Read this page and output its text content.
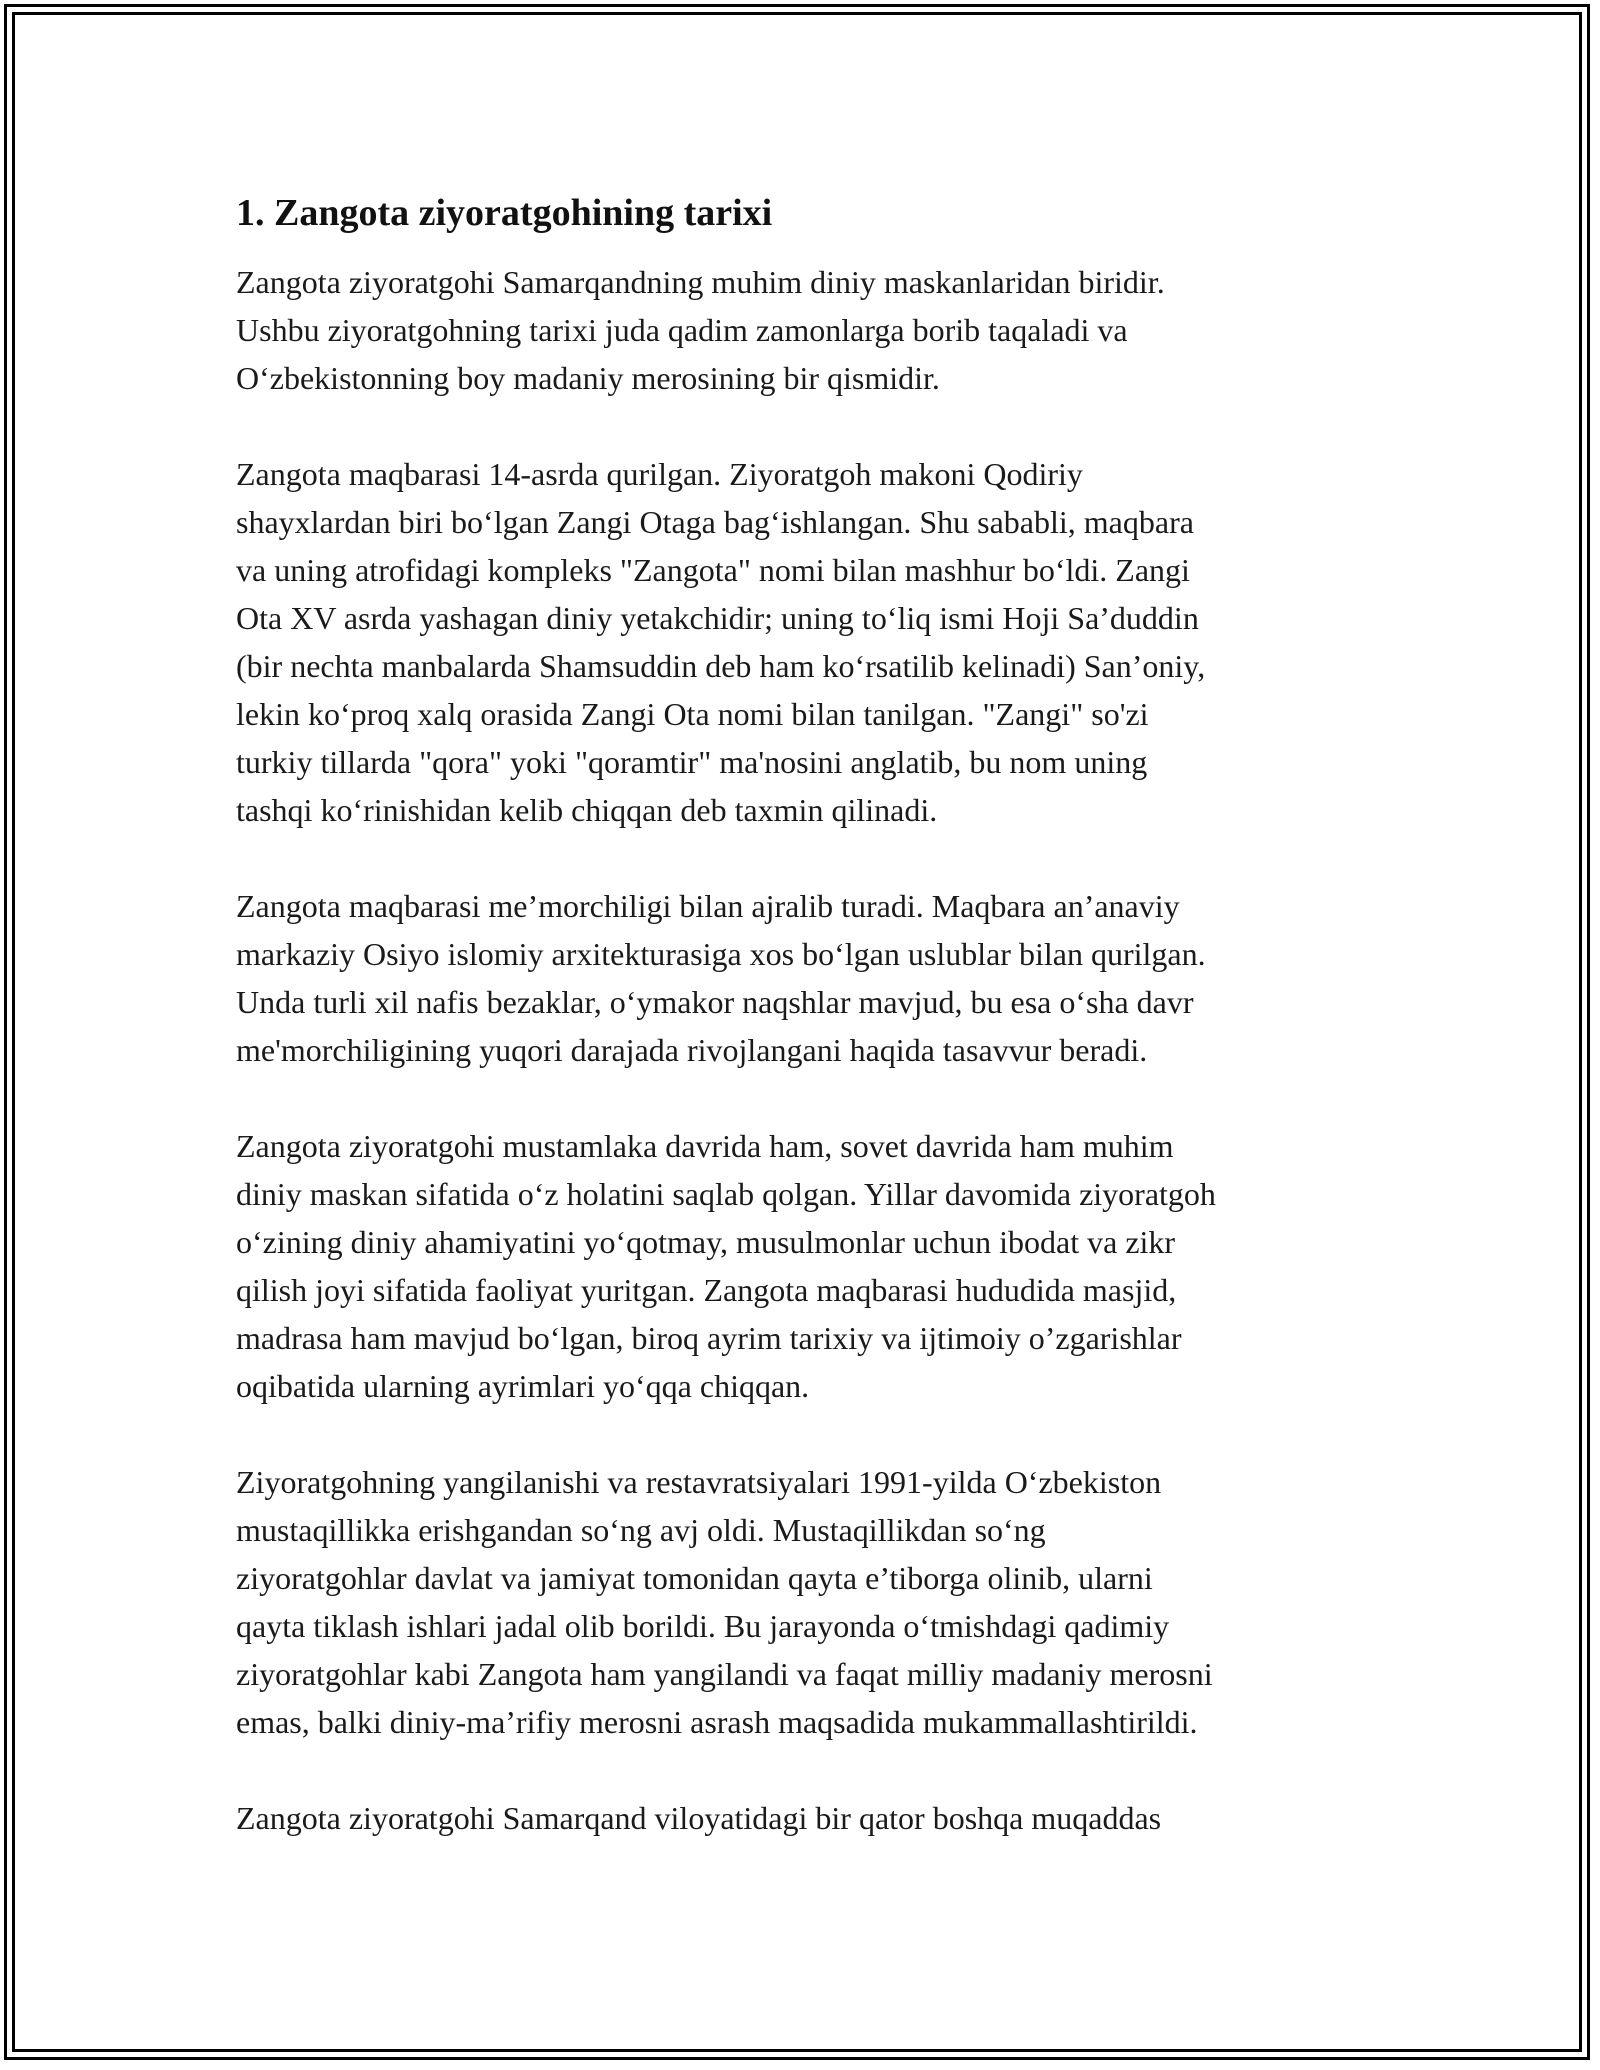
1. Zangota ziyoratgohining tarixi

Zangota ziyoratgohi Samarqandning muhim diniy maskanlaridan biridir.
Ushbu ziyoratgohning tarixi juda qadim zamonlarga borib taqaladi va
O‘zbekistonning boy madaniy merosining bir qismidir.

Zangota maqbarasi 14-asrda qurilgan. Ziyoratgoh makoni Qodiriy
shayxlardan biri bo‘lgan Zangi Otaga bag‘ishlangan. Shu sababli, maqbara
va uning atrofidagi kompleks "Zangota" nomi bilan mashhur bo‘ldi. Zangi
Ota XV asrda yashagan diniy yetakchidir; uning to‘liq ismi Hoji Sa’duddin
(bir nechta manbalarda Shamsuddin deb ham ko‘rsatilib kelinadi) San’oniy,
lekin ko‘proq xalq orasida Zangi Ota nomi bilan tanilgan. "Zangi" so'zi
turkiy tillarda "qora" yoki "qoramtir" ma'nosini anglatib, bu nom uning
tashqi ko‘rinishidan kelib chiqqan deb taxmin qilinadi.

Zangota maqbarasi me’morchiligi bilan ajralib turadi. Maqbara an’anaviy
markaziy Osiyo islomiy arxitekturasiga xos bo‘lgan uslublar bilan qurilgan.
Unda turli xil nafis bezaklar, o‘ymakor naqshlar mavjud, bu esa o‘sha davr
me'morchiligining yuqori darajada rivojlangani haqida tasavvur beradi.

Zangota ziyoratgohi mustamlaka davrida ham, sovet davrida ham muhim
diniy maskan sifatida o‘z holatini saqlab qolgan. Yillar davomida ziyoratgoh
o‘zining diniy ahamiyatini yo‘qotmay, musulmonlar uchun ibodat va zikr
qilish joyi sifatida faoliyat yuritgan. Zangota maqbarasi hududida masjid,
madrasa ham mavjud bo‘lgan, biroq ayrim tarixiy va ijtimoiy o’zgarishlar
oqibatida ularning ayrimlari yo‘qqa chiqqan.

Ziyoratgohning yangilanishi va restavratsiyalari 1991-yilda O‘zbekiston
mustaqillikka erishgandan so‘ng avj oldi. Mustaqillikdan so‘ng
ziyoratgohlar davlat va jamiyat tomonidan qayta e’tiborga olinib, ularni
qayta tiklash ishlari jadal olib borildi. Bu jarayonda o‘tmishdagi qadimiy
ziyoratgohlar kabi Zangota ham yangilandi va faqat milliy madaniy merosni
emas, balki diniy-ma’rifiy merosni asrash maqsadida mukammallashtirildi.

Zangota ziyoratgohi Samarqand viloyatidagi bir qator boshqa muqaddas
